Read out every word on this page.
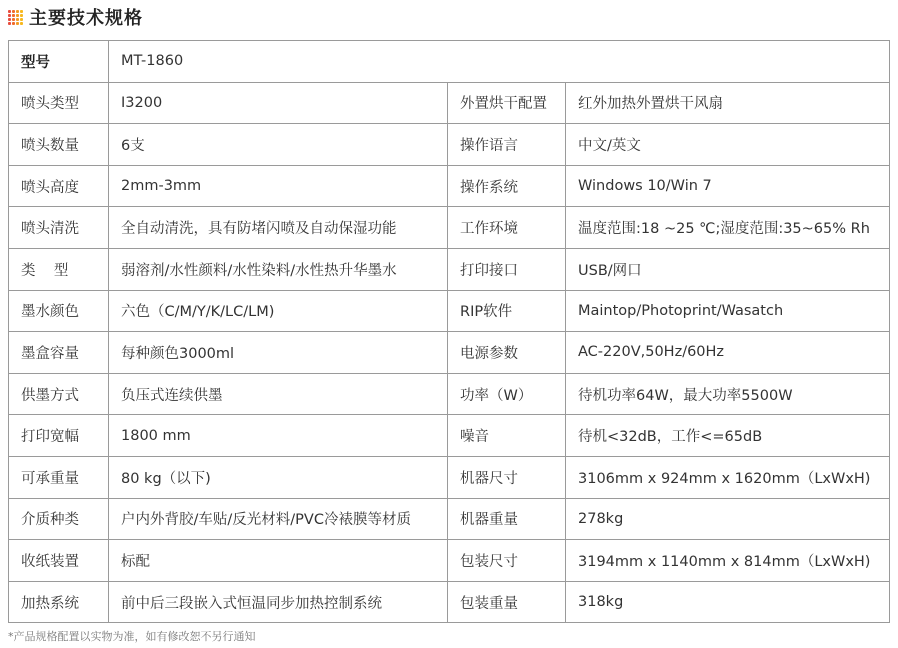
主要技术规格
型号	MT-1860		
喷头类型	I3200	外置烘干配置	红外加热外置烘干风扇
喷头数量	6支	操作语言	中文/英文
喷头高度	2mm-3mm	操作系统	Windows 10/Win 7
喷头清洗	全自动清洗，具有防堵闪喷及自动保湿功能	工作环境	温度范围:18 ~25 ℃;湿度范围:35~65% Rh
类    型	弱溶剂/水性颜料/水性染料/水性热升华墨水	打印接口	USB/网口
墨水颜色	六色（C/M/Y/K/LC/LM)	RIP软件	Maintop/Photoprint/Wasatch
墨盒容量	每种颜色3000ml	电源参数	AC-220V,50Hz/60Hz
供墨方式	负压式连续供墨	功率（W）	待机功率64W，最大功率5500W
打印宽幅	1800 mm	噪音	待机<32dB，工作<=65dB
可承重量	80 kg（以下)	机器尺寸	3106mm x 924mm x 1620mm（LxWxH)
介质种类	户内外背胶/车贴/反光材料/PVC冷裱膜等材质	机器重量	278kg
收纸装置	标配	包装尺寸	3194mm x 1140mm x 814mm（LxWxH)
加热系统	前中后三段嵌入式恒温同步加热控制系统	包装重量	318kg
*产品规格配置以实物为准，如有修改恕不另行通知
